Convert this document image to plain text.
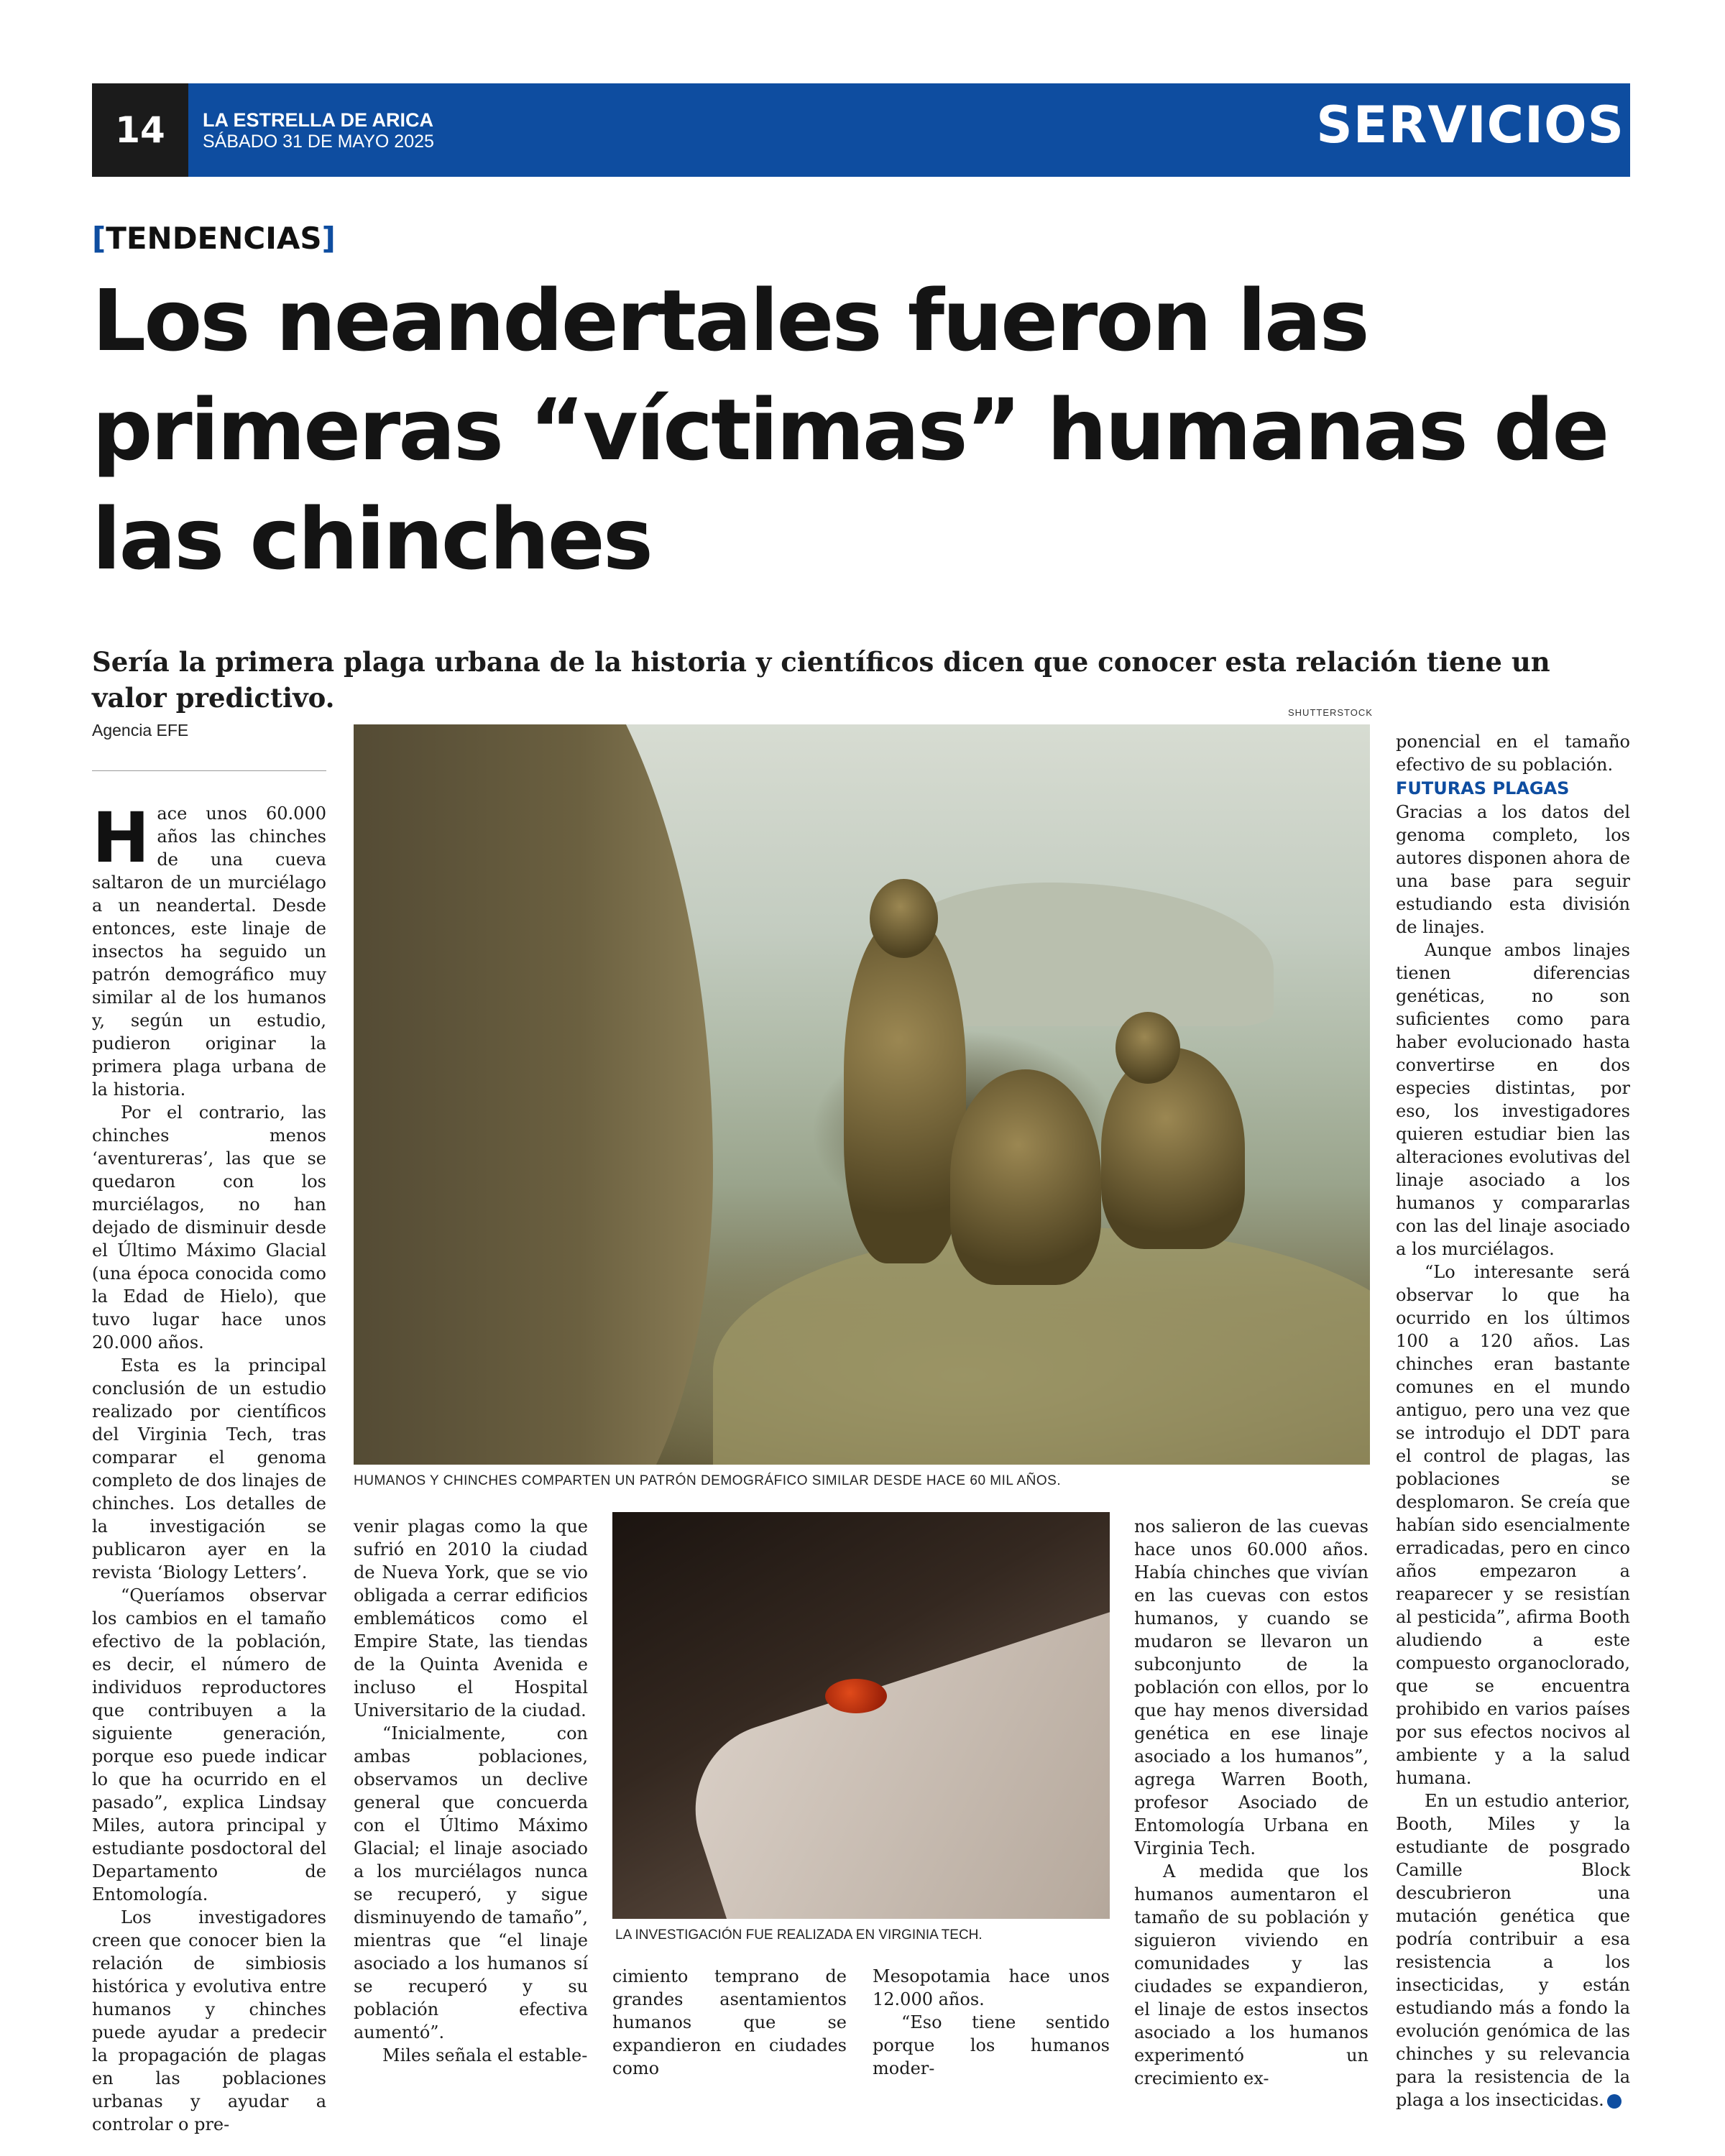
14	LA ESTRELLA DE ARICA
SÁBADO 31 DE MAYO 2025	SERVICIOS
[TENDENCIAS]
Los neandertales fueron las primeras “víctimas” humanas de las chinches

Sería la primera plaga urbana de la historia y científicos dicen que conocer esta relación tiene un valor predictivo.

Agencia EFE

Hace unos 60.000 años las chinches de una cueva saltaron de un murciélago a un neandertal. Desde entonces, este linaje de insectos ha seguido un patrón demográfico muy similar al de los humanos y, según un estudio, pudieron originar la primera plaga urbana de la historia.

Por el contrario, las chinches menos ‘aventureras’, las que se quedaron con los murciélagos, no han dejado de disminuir desde el Último Máximo Glacial (una época conocida como la Edad de Hielo), que tuvo lugar hace unos 20.000 años.

Esta es la principal conclusión de un estudio realizado por científicos del Virginia Tech, tras comparar el genoma completo de dos linajes de chinches. Los detalles de la investigación se publicaron ayer en la revista ‘Biology Letters’.

“Queríamos observar los cambios en el tamaño efectivo de la población, es decir, el número de individuos reproductores que contribuyen a la siguiente generación, porque eso puede indicar lo que ha ocurrido en el pasado”, explica Lindsay Miles, autora principal y estudiante posdoctoral del Departamento de Entomología.

Los investigadores creen que conocer bien la relación de simbiosis histórica y evolutiva entre humanos y chinches puede ayudar a predecir la propagación de plagas en las poblaciones urbanas y ayudar a controlar o pre-

SHUTTERSTOCK
HUMANOS Y CHINCHES COMPARTEN UN PATRÓN DEMOGRÁFICO SIMILAR DESDE HACE 60 MIL AÑOS.

venir plagas como la que sufrió en 2010 la ciudad de Nueva York, que se vio obligada a cerrar edificios emblemáticos como el Empire State, las tiendas de la Quinta Avenida e incluso el Hospital Universitario de la ciudad.

“Inicialmente, con ambas poblaciones, observamos un declive general que concuerda con el Último Máximo Glacial; el linaje asociado a los murciélagos nunca se recuperó, y sigue disminuyendo de tamaño”, mientras que “el linaje asociado a los humanos sí se recuperó y su población efectiva aumentó”.

Miles señala el estable-

LA INVESTIGACIÓN FUE REALIZADA EN VIRGINIA TECH.

cimiento temprano de grandes asentamientos humanos que se expandieron en ciudades como

Mesopotamia hace unos 12.000 años.

“Eso tiene sentido porque los humanos moder-

nos salieron de las cuevas hace unos 60.000 años. Había chinches que vivían en las cuevas con estos humanos, y cuando se mudaron se llevaron un subconjunto de la población con ellos, por lo que hay menos diversidad genética en ese linaje asociado a los humanos”, agrega Warren Booth, profesor Asociado de Entomología Urbana en Virginia Tech.

A medida que los humanos aumentaron el tamaño de su población y siguieron viviendo en comunidades y las ciudades se expandieron, el linaje de estos insectos asociado a los humanos experimentó un crecimiento ex-

ponencial en el tamaño efectivo de su población.

FUTURAS PLAGAS

Gracias a los datos del genoma completo, los autores disponen ahora de una base para seguir estudiando esta división de linajes.

Aunque ambos linajes tienen diferencias genéticas, no son suficientes como para haber evolucionado hasta convertirse en dos especies distintas, por eso, los investigadores quieren estudiar bien las alteraciones evolutivas del linaje asociado a los humanos y compararlas con las del linaje asociado a los murciélagos.

“Lo interesante será observar lo que ha ocurrido en los últimos 100 a 120 años. Las chinches eran bastante comunes en el mundo antiguo, pero una vez que se introdujo el DDT para el control de plagas, las poblaciones se desplomaron. Se creía que habían sido esencialmente erradicadas, pero en cinco años empezaron a reaparecer y se resistían al pesticida”, afirma Booth aludiendo a este compuesto organoclorado, que se encuentra prohibido en varios países por sus efectos nocivos al ambiente y a la salud humana.

En un estudio anterior, Booth, Miles y la estudiante de posgrado Camille Block descubrieron una mutación genética que podría contribuir a esa resistencia a los insecticidas, y están estudiando más a fondo la evolución genómica de las chinches y su relevancia para la resistencia de la plaga a los insecticidas.	✪
